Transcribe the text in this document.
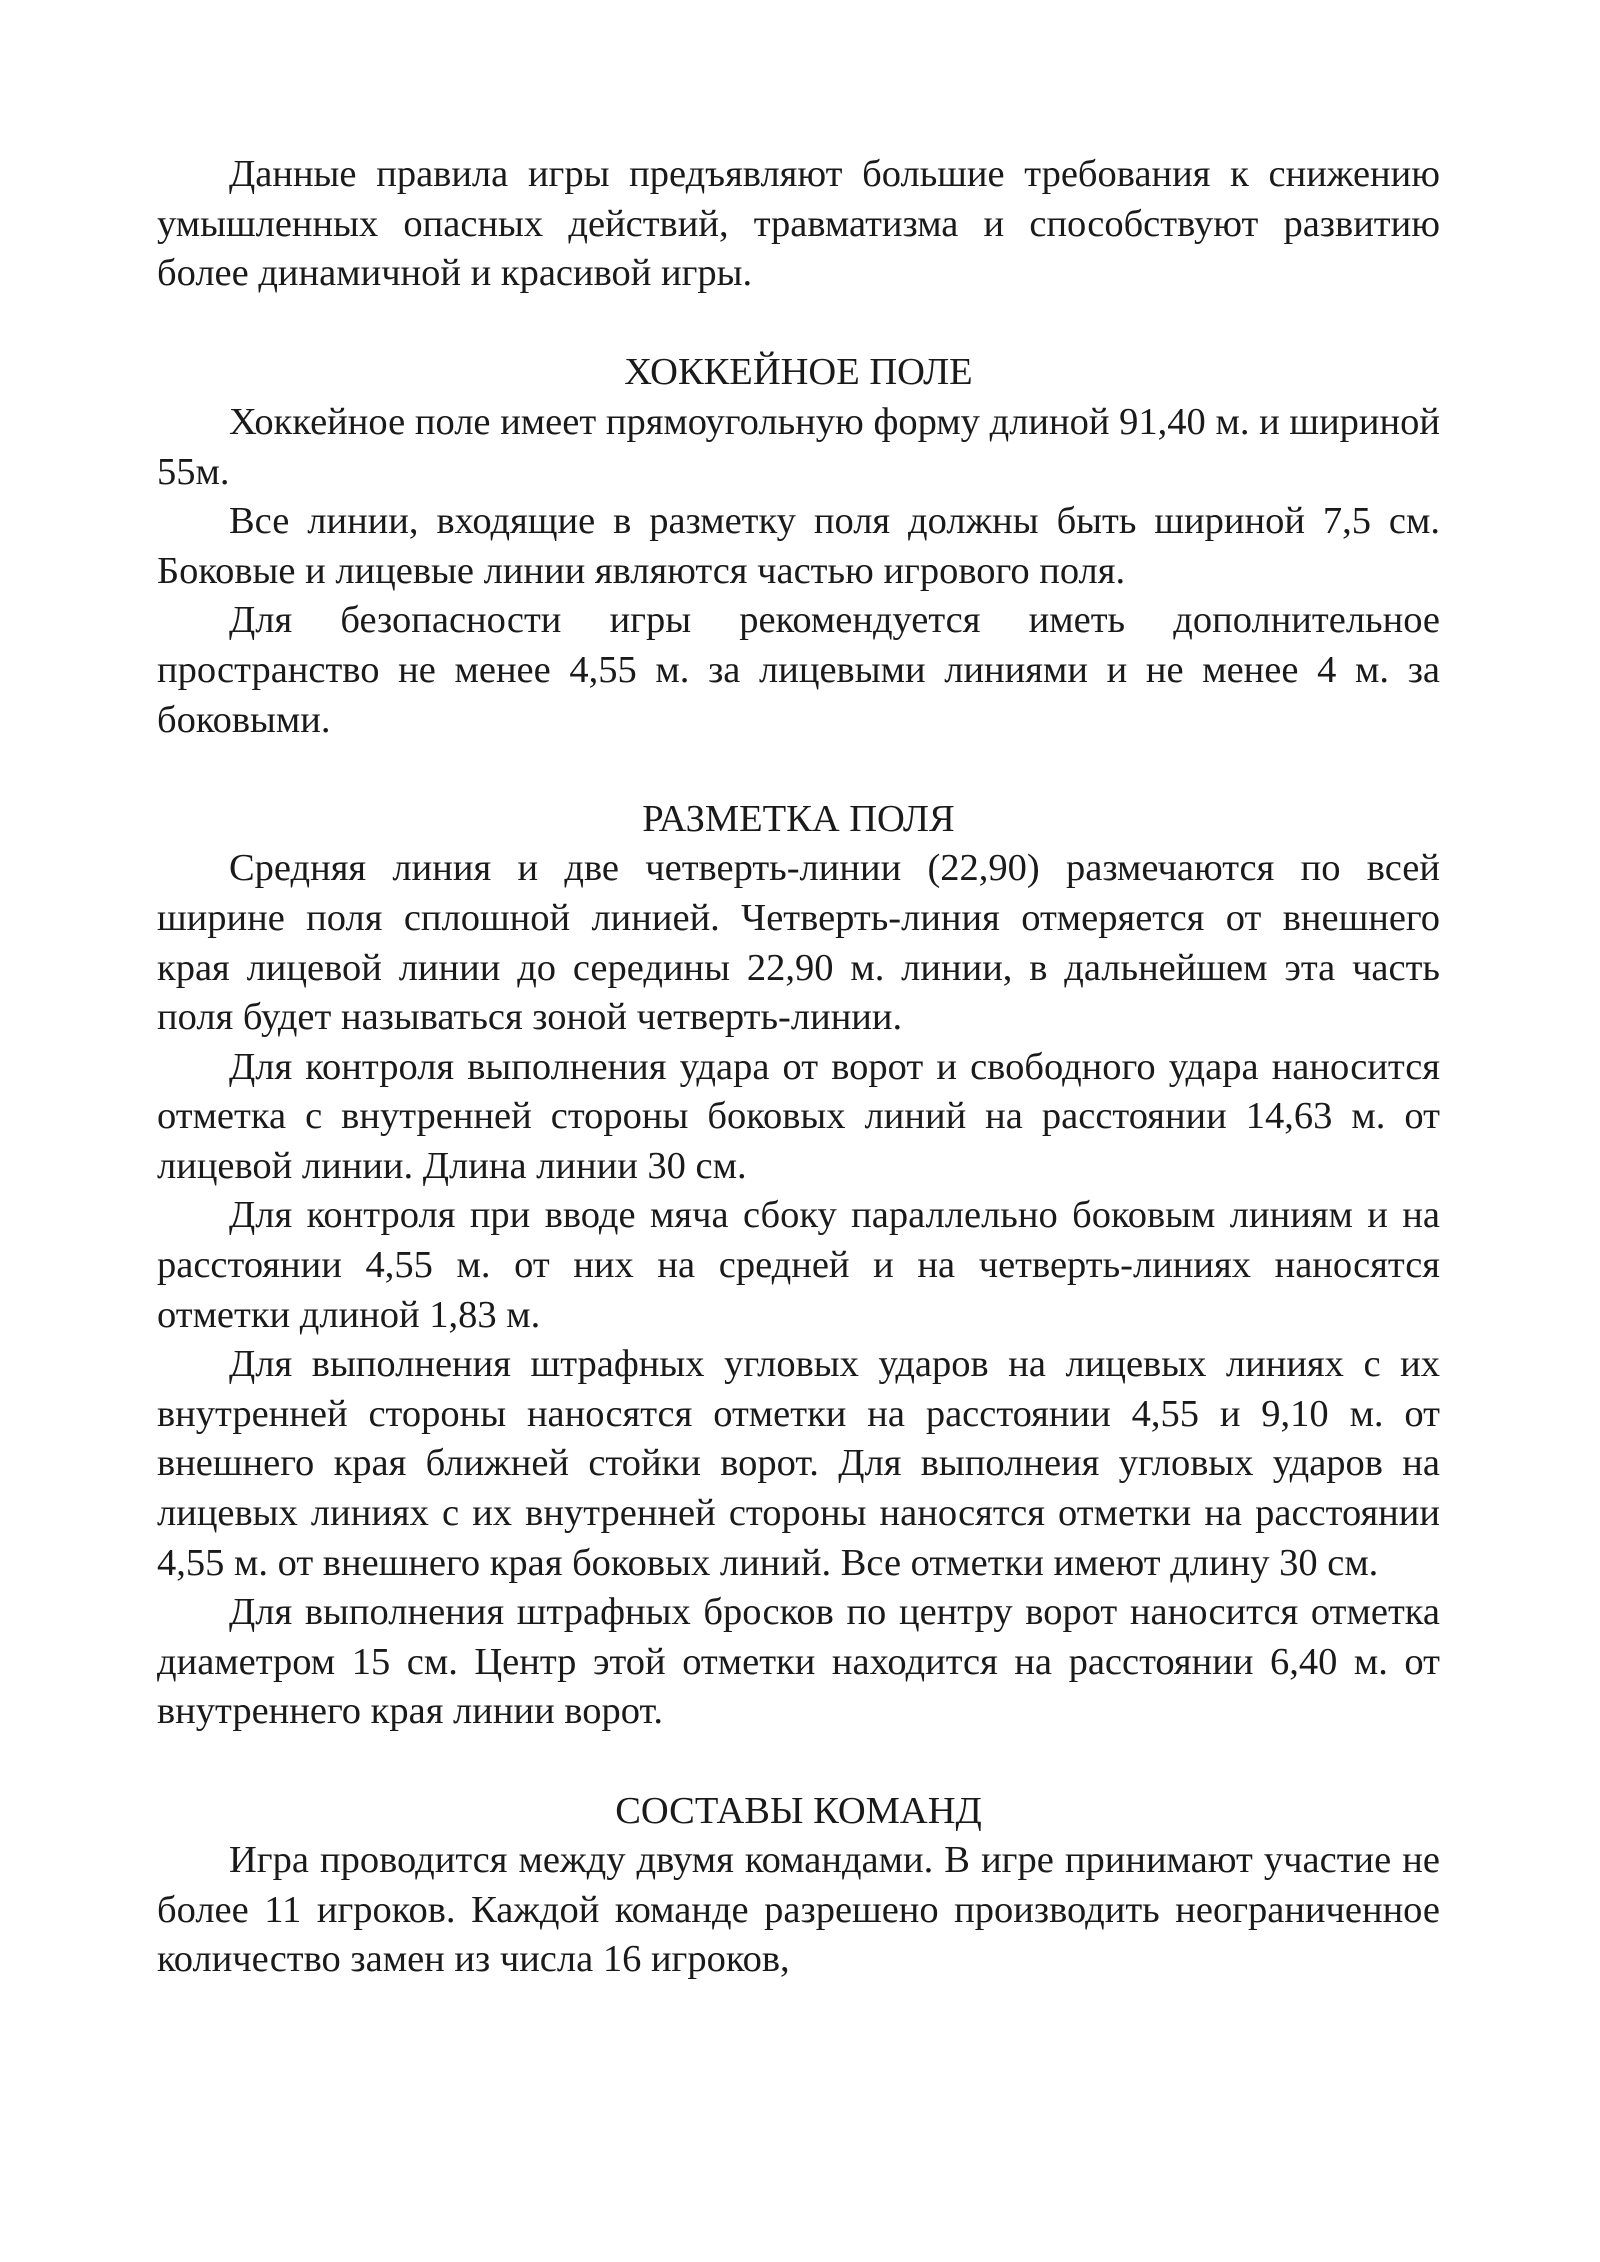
Данные правила игры предъявляют большие требования к снижению умышленных опасных действий, травматизма и способствуют развитию более динамичной и красивой игры.

ХОККЕЙНОЕ ПОЛЕ

Хоккейное поле имеет прямоугольную форму длиной 91,40 м. и шириной 55м.

Все линии, входящие в разметку поля должны быть шириной 7,5 см. Боковые и лицевые линии являются частью игрового поля.

Для безопасности игры рекомендуется иметь дополнительное пространство не менее 4,55 м. за лицевыми линиями и не менее 4 м. за боковыми.

РАЗМЕТКА ПОЛЯ

Средняя линия и две четверть-линии (22,90) размечаются по всей ширине поля сплошной линией. Четверть-линия отмеряется от внешнего края лицевой линии до середины 22,90 м. линии, в дальнейшем эта часть поля будет называться зоной четверть-линии.

Для контроля выполнения удара от ворот и свободного удара наносится отметка с внутренней стороны боковых линий на расстоянии 14,63 м. от лицевой линии. Длина линии 30 см.

Для контроля при вводе мяча сбоку параллельно боковым линиям и на расстоянии 4,55 м. от них на средней и на четверть-линиях наносятся отметки длиной 1,83 м.

Для выполнения штрафных угловых ударов на лицевых линиях с их внутренней стороны наносятся отметки на расстоянии 4,55 и 9,10 м. от внешнего края ближней стойки ворот. Для выполнеия угловых ударов на лицевых линиях с их внутренней стороны наносятся отметки на расстоянии 4,55 м. от внешнего края боковых линий. Все отметки имеют длину 30 см.

Для выполнения штрафных бросков по центру ворот наносится отметка диаметром 15 см. Центр этой отметки находится на расстоянии 6,40 м. от внутреннего края линии ворот.

СОСТАВЫ КОМАНД

Игра проводится между двумя командами. В игре принимают участие не более 11 игроков. Каждой команде разрешено производить неограниченное количество замен из числа 16 игроков,
